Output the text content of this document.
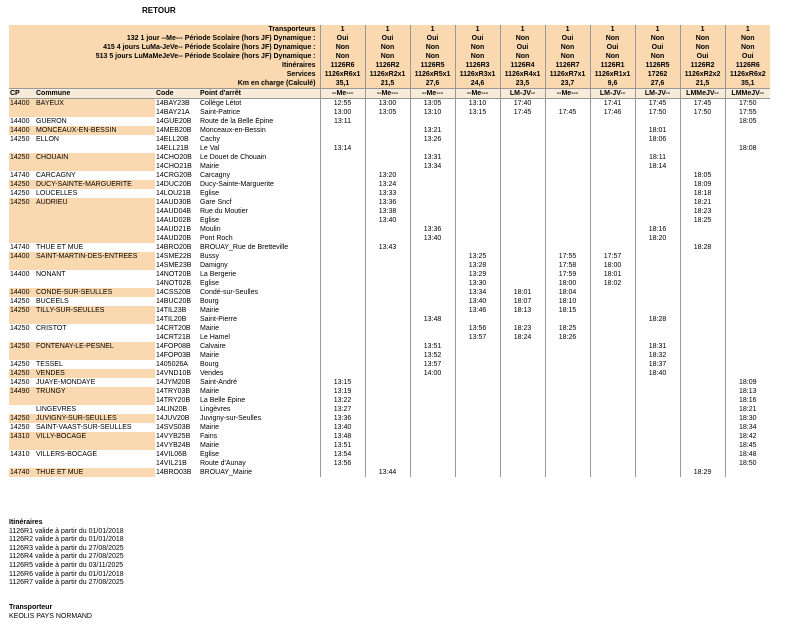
RETOUR
Transporteurs				1	1	1	1	1	1	1	1	1	1
132 1 jour --Me--- Période Scolaire (hors JF) Dynamique :				Oui	Oui	Oui	Oui	Non	Oui	Non	Non	Non	Non
415 4 jours LuMa-JeVe-- Période Scolaire (hors JF) Dynamique :				Non	Non	Non	Non	Oui	Non	Oui	Oui	Non	Non
513 5 jours LuMaMeJeVe-- Période Scolaire (hors JF) Dynamique :				Non	Non	Non	Non	Non	Non	Non	Non	Oui	Oui
Itinéraires				1126R6	1126R2	1126R5	1126R3	1126R4	1126R7	1126R1	1126R5	1126R2	1126R6
Services				1126xR6x1	1126xR2x1	1126xR5x1	1126xR3x1	1126xR4x1	1126xR7x1	1126xR1x1	17262	1126xR2x2	1126xR6x2
Km en charge (Calculé)				35,1	21,5	27,6	24,6	23,5	23,7	9,6	27,6	21,5	35,1
CP	Commune	Code	Point d'arrêt	--Me---	--Me---	--Me---	--Me---	LM-JV--	--Me---	LM-JV--	LM-JV--	LMMeJV--	LMMeJV--
14400	BAYEUX	14BAY23B	Collège Létot	12:55	13:00	13:05	13:10	17:40		17:41	17:45	17:45	17:50
		14BAY21A	Saint-Patrice	13:00	13:05	13:10	13:15	17:45	17:45	17:46	17:50	17:50	17:55
14400	GUERON	14GUE20B	Route de la Belle Épine	13:11									18:05
14400	MONCEAUX-EN-BESSIN	14MEB20B	Monceaux-en-Bessin			13:21					18:01		
14250	ELLON	14ELL20B	Cachy			13:26					18:06		
		14ELL21B	Le Val	13:14									18:08
14250	CHOUAIN	14CHO20B	Le Douet de Chouain			13:31					18:11		
		14CHO21B	Mairie			13:34					18:14		
14740	CARCAGNY	14CRG20B	Carcagny		13:20							18:05	
14250	DUCY-SAINTE-MARGUERITE	14DUC20B	Ducy-Sainte-Marguerite		13:24							18:09	
14250	LOUCELLES	14LOU21B	Eglise		13:33							18:18	
14250	AUDRIEU	14AUD30B	Gare Sncf		13:36							18:21	
		14AUD04B	Rue du Moutier		13:38							18:23	
		14AUD02B	Eglise		13:40							18:25	
		14AUD21B	Moulin			13:36					18:16		
		14AUD20B	Pont Roch			13:40					18:20		
14740	THUE ET MUE	14BRO20B	BROUAY_Rue de Bretteville		13:43							18:28	
14400	SAINT-MARTIN-DES-ENTREES	14SME22B	Bussy				13:25		17:55	17:57			
		14SME23B	Damigny				13:28		17:58	18:00			
14400	NONANT	14NOT20B	La Bergerie				13:29		17:59	18:01			
		14NOT02B	Eglise				13:30		18:00	18:02			
14400	CONDE-SUR-SEULLES	14CSS20B	Condé-sur-Seulles				13:34	18:01	18:04				
14250	BUCEELS	14BUC20B	Bourg				13:40	18:07	18:10				
14250	TILLY-SUR-SEULLES	14TIL23B	Mairie				13:46	18:13	18:15				
		14TIL20B	Saint-Pierre			13:48					18:28		
14250	CRISTOT	14CRT20B	Mairie				13:56	18:23	18:25				
		14CRT21B	Le Hamel				13:57	18:24	18:26				
14250	FONTENAY-LE-PESNEL	14FOP08B	Calvaire			13:51					18:31		
		14FOP03B	Mairie			13:52					18:32		
14250	TESSEL	1405026A	Bourg			13:57					18:37		
14250	VENDES	14VND10B	Vendes			14:00					18:40		
14250	JUAYE-MONDAYE	14JYM20B	Saint-André	13:15									18:09
14490	TRUNGY	14TRY03B	Mairie	13:19									18:13
		14TRY20B	La Belle Épine	13:22									18:16
	LINGEVRES	14LIN20B	Lingèvres	13:27									18:21
14250	JUVIGNY-SUR-SEULLES	14JUV20B	Juvigny-sur-Seulles	13:36									18:30
14250	SAINT-VAAST-SUR-SEULLES	14SVS03B	Mairie	13:40									18:34
14310	VILLY-BOCAGE	14VYB25B	Fains	13:48									18:42
		14VYB24B	Mairie	13:51									18:45
14310	VILLERS-BOCAGE	14VIL06B	Eglise	13:54									18:48
		14VIL21B	Route d'Aunay	13:56									18:50
14740	THUE ET MUE	14BRO03B	BROUAY_Mairie		13:44							18:29	
Itinéraires
1126R1 valide à partir du 01/01/2018
1126R2 valide à partir du 01/01/2018
1126R3 valide à partir du 27/08/2025
1126R4 valide à partir du 27/08/2025
1126R5 valide à partir du 03/11/2025
1126R6 valide à partir du 01/01/2018
1126R7 valide à partir du 27/08/2025
Transporteur
KEOLIS PAYS NORMAND
